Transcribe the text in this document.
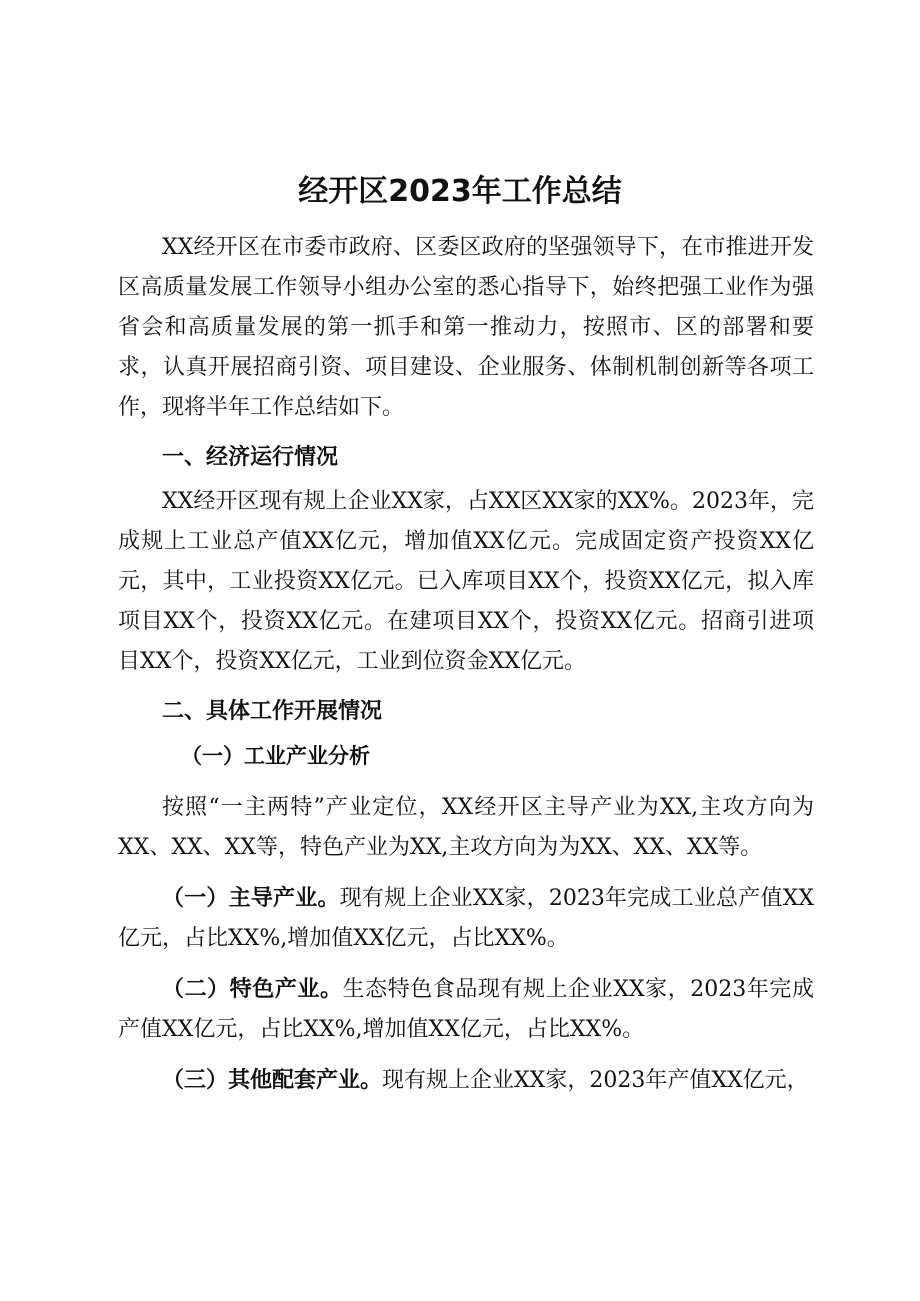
经开区2023年工作总结

XX经开区在市委市政府、区委区政府的坚强领导下，在市推进开发区高质量发展工作领导小组办公室的悉心指导下，始终把强工业作为强省会和高质量发展的第一抓手和第一推动力，按照市、区的部署和要求，认真开展招商引资、项目建设、企业服务、体制机制创新等各项工作，现将半年工作总结如下。

一、经济运行情况

XX经开区现有规上企业XX家，占XX区XX家的XX%。2023年，完成规上工业总产值XX亿元，增加值XX亿元。完成固定资产投资XX亿元，其中，工业投资XX亿元。已入库项目XX个，投资XX亿元，拟入库项目XX个，投资XX亿元。在建项目XX个，投资XX亿元。招商引进项目XX个，投资XX亿元，工业到位资金XX亿元。

二、具体工作开展情况
（一）工业产业分析

按照“一主两特”产业定位，XX经开区主导产业为XX,主攻方向为XX、XX、XX等，特色产业为XX,主攻方向为为XX、XX、XX等。

（一）主导产业。现有规上企业XX家，2023年完成工业总产值XX亿元，占比XX%,增加值XX亿元，占比XX%。

（二）特色产业。生态特色食品现有规上企业XX家，2023年完成产值XX亿元，占比XX%,增加值XX亿元，占比XX%。

（三）其他配套产业。现有规上企业XX家，2023年产值XX亿元，
